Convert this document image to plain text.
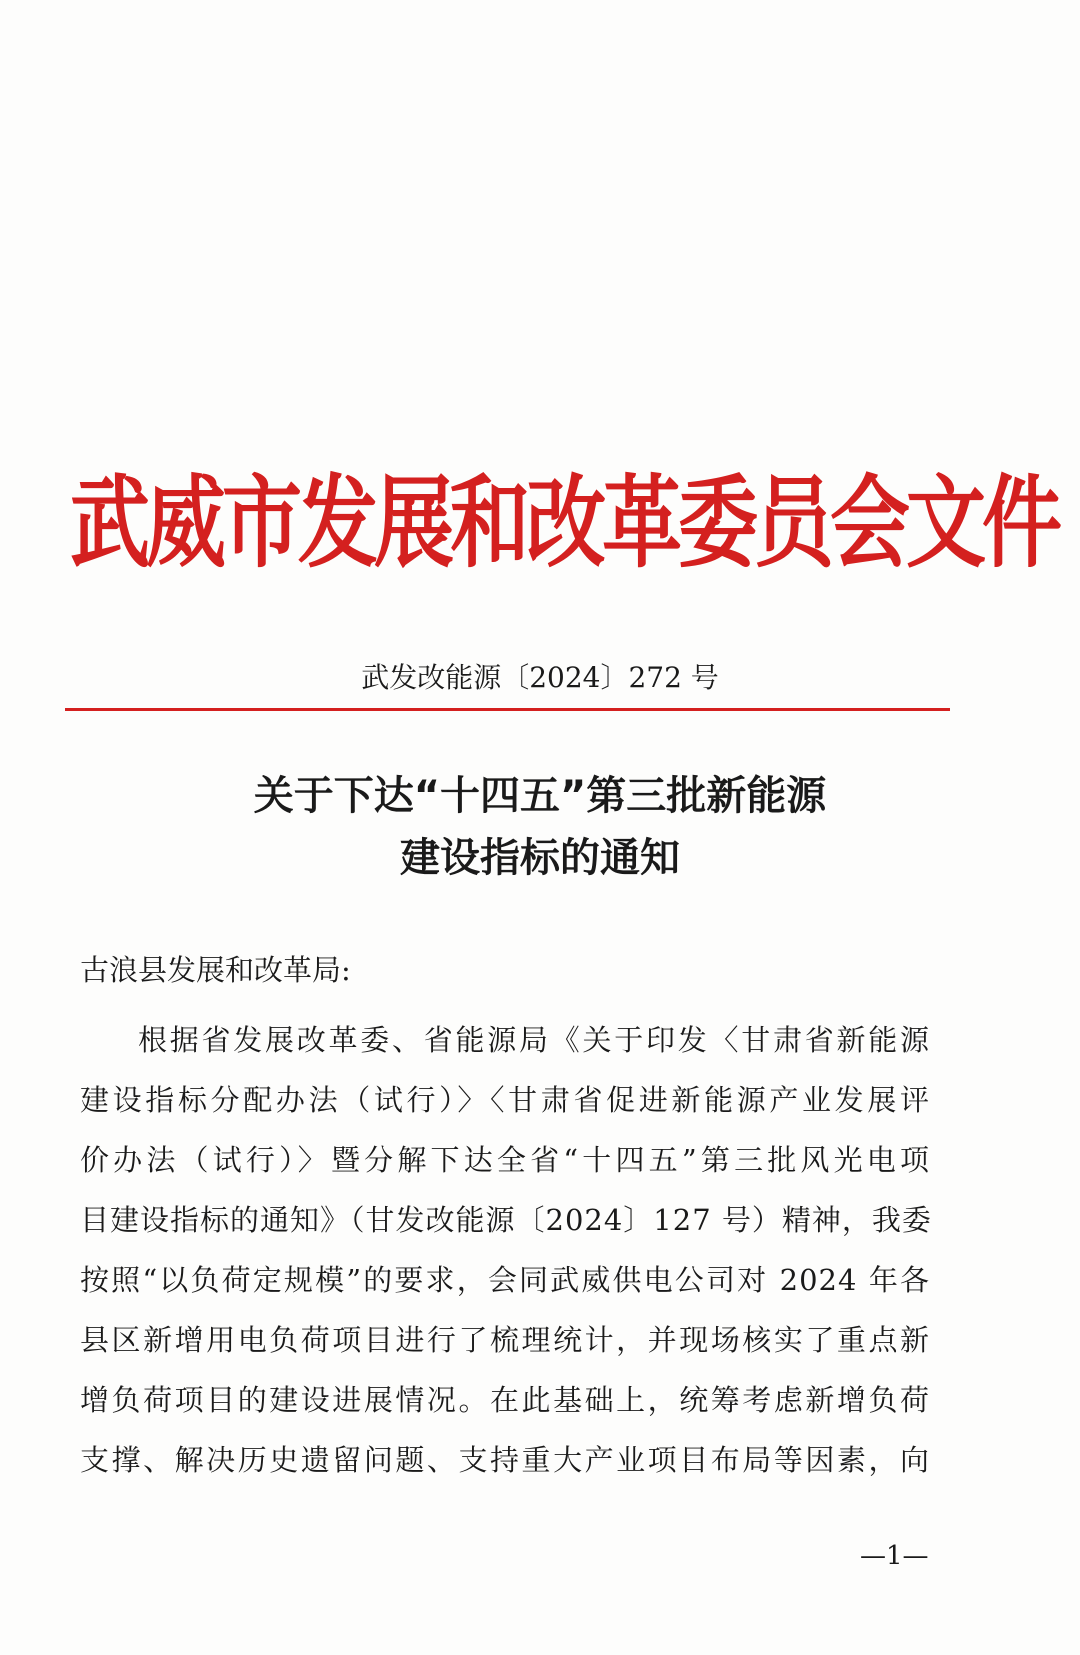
武威市发展和改革委员会文件
武发改能源〔2024〕272 号
关于下达“十四五”第三批新能源
建设指标的通知
古浪县发展和改革局:
根据省发展改革委、省能源局《关于印发〈甘肃省新能源
建设指标分配办法（试行）〉〈甘肃省促进新能源产业发展评
价办法（试行）〉暨分解下达全省“十四五”第三批风光电项
目建设指标的通知》（甘发改能源〔2024〕127 号）精神，我委
按照“以负荷定规模”的要求，会同武威供电公司对 2024 年各
县区新增用电负荷项目进行了梳理统计，并现场核实了重点新
增负荷项目的建设进展情况。在此基础上，统筹考虑新增负荷
支撑、解决历史遗留问题、支持重大产业项目布局等因素，向
—1—
